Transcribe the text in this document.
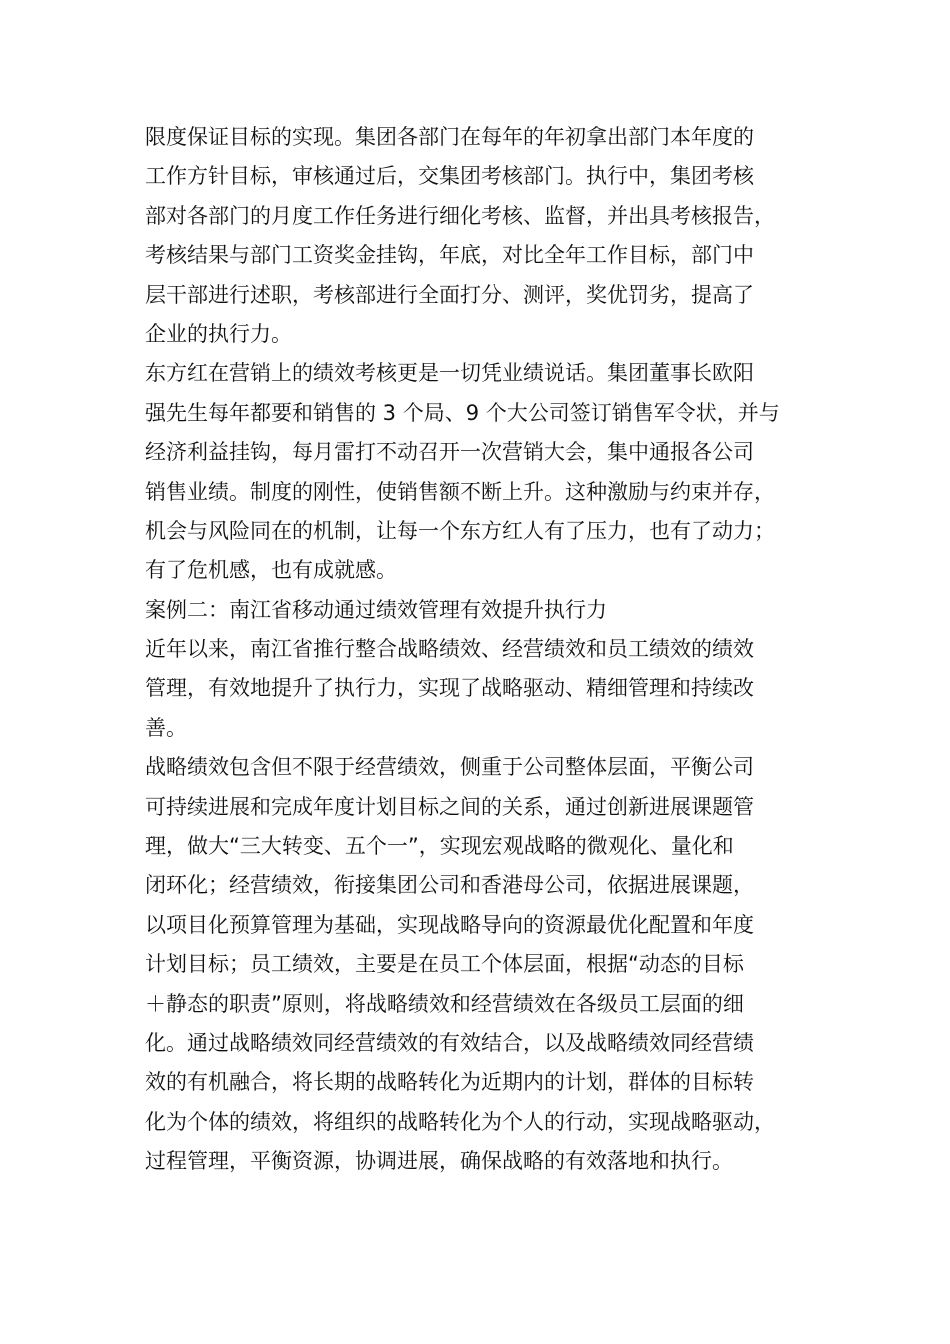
限度保证目标的实现。集团各部门在每年的年初拿出部门本年度的
工作方针目标，审核通过后，交集团考核部门。执行中，集团考核
部对各部门的月度工作任务进行细化考核、监督，并出具考核报告，
考核结果与部门工资奖金挂钩，年底，对比全年工作目标，部门中
层干部进行述职，考核部进行全面打分、测评，奖优罚劣，提高了
企业的执行力。
东方红在营销上的绩效考核更是一切凭业绩说话。集团董事长欧阳
强先生每年都要和销售的 3 个局、9 个大公司签订销售军令状，并与
经济利益挂钩，每月雷打不动召开一次营销大会，集中通报各公司
销售业绩。制度的刚性，使销售额不断上升。这种激励与约束并存，
机会与风险同在的机制，让每一个东方红人有了压力，也有了动力；
有了危机感，也有成就感。
案例二：南江省移动通过绩效管理有效提升执行力
近年以来，南江省推行整合战略绩效、经营绩效和员工绩效的绩效
管理，有效地提升了执行力，实现了战略驱动、精细管理和持续改
善。
战略绩效包含但不限于经营绩效，侧重于公司整体层面，平衡公司
可持续进展和完成年度计划目标之间的关系，通过创新进展课题管
理，做大“三大转变、五个一”，实现宏观战略的微观化、量化和
闭环化；经营绩效，衔接集团公司和香港母公司，依据进展课题，
以项目化预算管理为基础，实现战略导向的资源最优化配置和年度
计划目标；员工绩效，主要是在员工个体层面，根据“动态的目标
＋静态的职责”原则，将战略绩效和经营绩效在各级员工层面的细
化。通过战略绩效同经营绩效的有效结合，以及战略绩效同经营绩
效的有机融合，将长期的战略转化为近期内的计划，群体的目标转
化为个体的绩效，将组织的战略转化为个人的行动，实现战略驱动，
过程管理，平衡资源，协调进展，确保战略的有效落地和执行。
